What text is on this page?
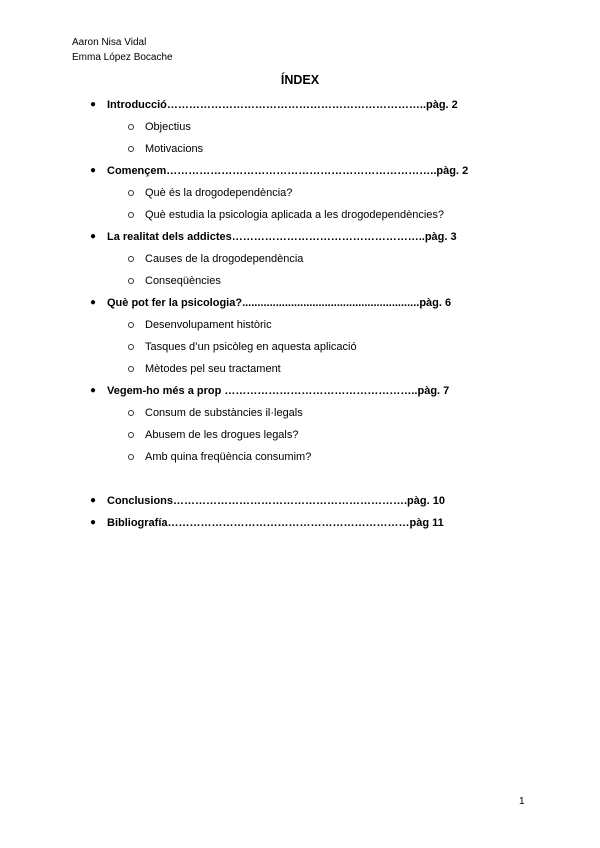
Aaron Nisa Vidal
Emma López Bocache
ÍNDEX
● Introducció……………………………………………………………..pàg. 2
Objectius
Motivacions
● Començem………………………………………………………………..pàg. 2
Què és la drogodependència?
Què estudia la psicologia aplicada a les drogodependències?
● La realitat dels addictes……………………………………………..pàg. 3
Causes de la drogodependència
Conseqüències
● Què pot fer la psicologia?..........................................................pàg. 6
Desenvolupament històric
Tasques d’un psicòleg en aquesta aplicació
Mètodes pel seu tractament
● Vegem-ho més a prop ……………………………………………..pàg. 7
Consum de substàncies il·legals
Abusem de les drogues legals?
Amb quina freqüència consumim?
● Conclusions……………………………………………………….pàg. 10
● Bibliografía…………………………………………………………pàg 11
1
